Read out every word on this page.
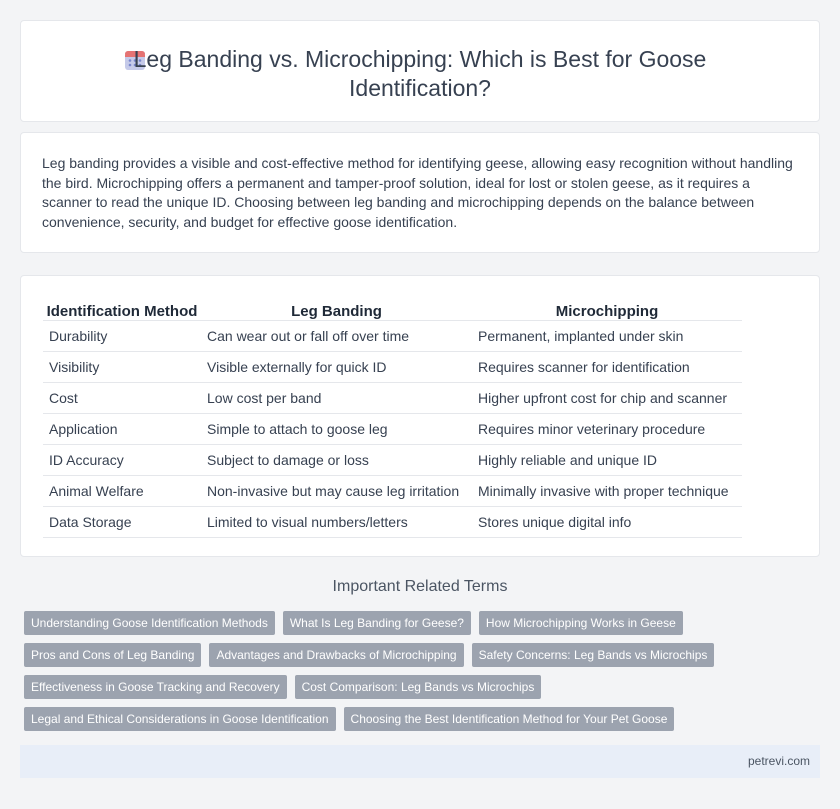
Leg Banding vs. Microchipping: Which is Best for Goose Identification?

Leg banding provides a visible and cost-effective method for identifying geese, allowing easy recognition without handling the bird. Microchipping offers a permanent and tamper-proof solution, ideal for lost or stolen geese, as it requires a scanner to read the unique ID. Choosing between leg banding and microchipping depends on the balance between convenience, security, and budget for effective goose identification.

Identification Method	Leg Banding	Microchipping
Durability	Can wear out or fall off over time	Permanent, implanted under skin
Visibility	Visible externally for quick ID	Requires scanner for identification
Cost	Low cost per band	Higher upfront cost for chip and scanner
Application	Simple to attach to goose leg	Requires minor veterinary procedure
ID Accuracy	Subject to damage or loss	Highly reliable and unique ID
Animal Welfare	Non-invasive but may cause leg irritation	Minimally invasive with proper technique
Data Storage	Limited to visual numbers/letters	Stores unique digital info
Important Related Terms
Understanding Goose Identification Methods	What Is Leg Banding for Geese?	How Microchipping Works in Geese
Pros and Cons of Leg Banding	Advantages and Drawbacks of Microchipping	Safety Concerns: Leg Bands vs Microchips
Effectiveness in Goose Tracking and Recovery	Cost Comparison: Leg Bands vs Microchips
Legal and Ethical Considerations in Goose Identification	Choosing the Best Identification Method for Your Pet Goose
petrevi.com
